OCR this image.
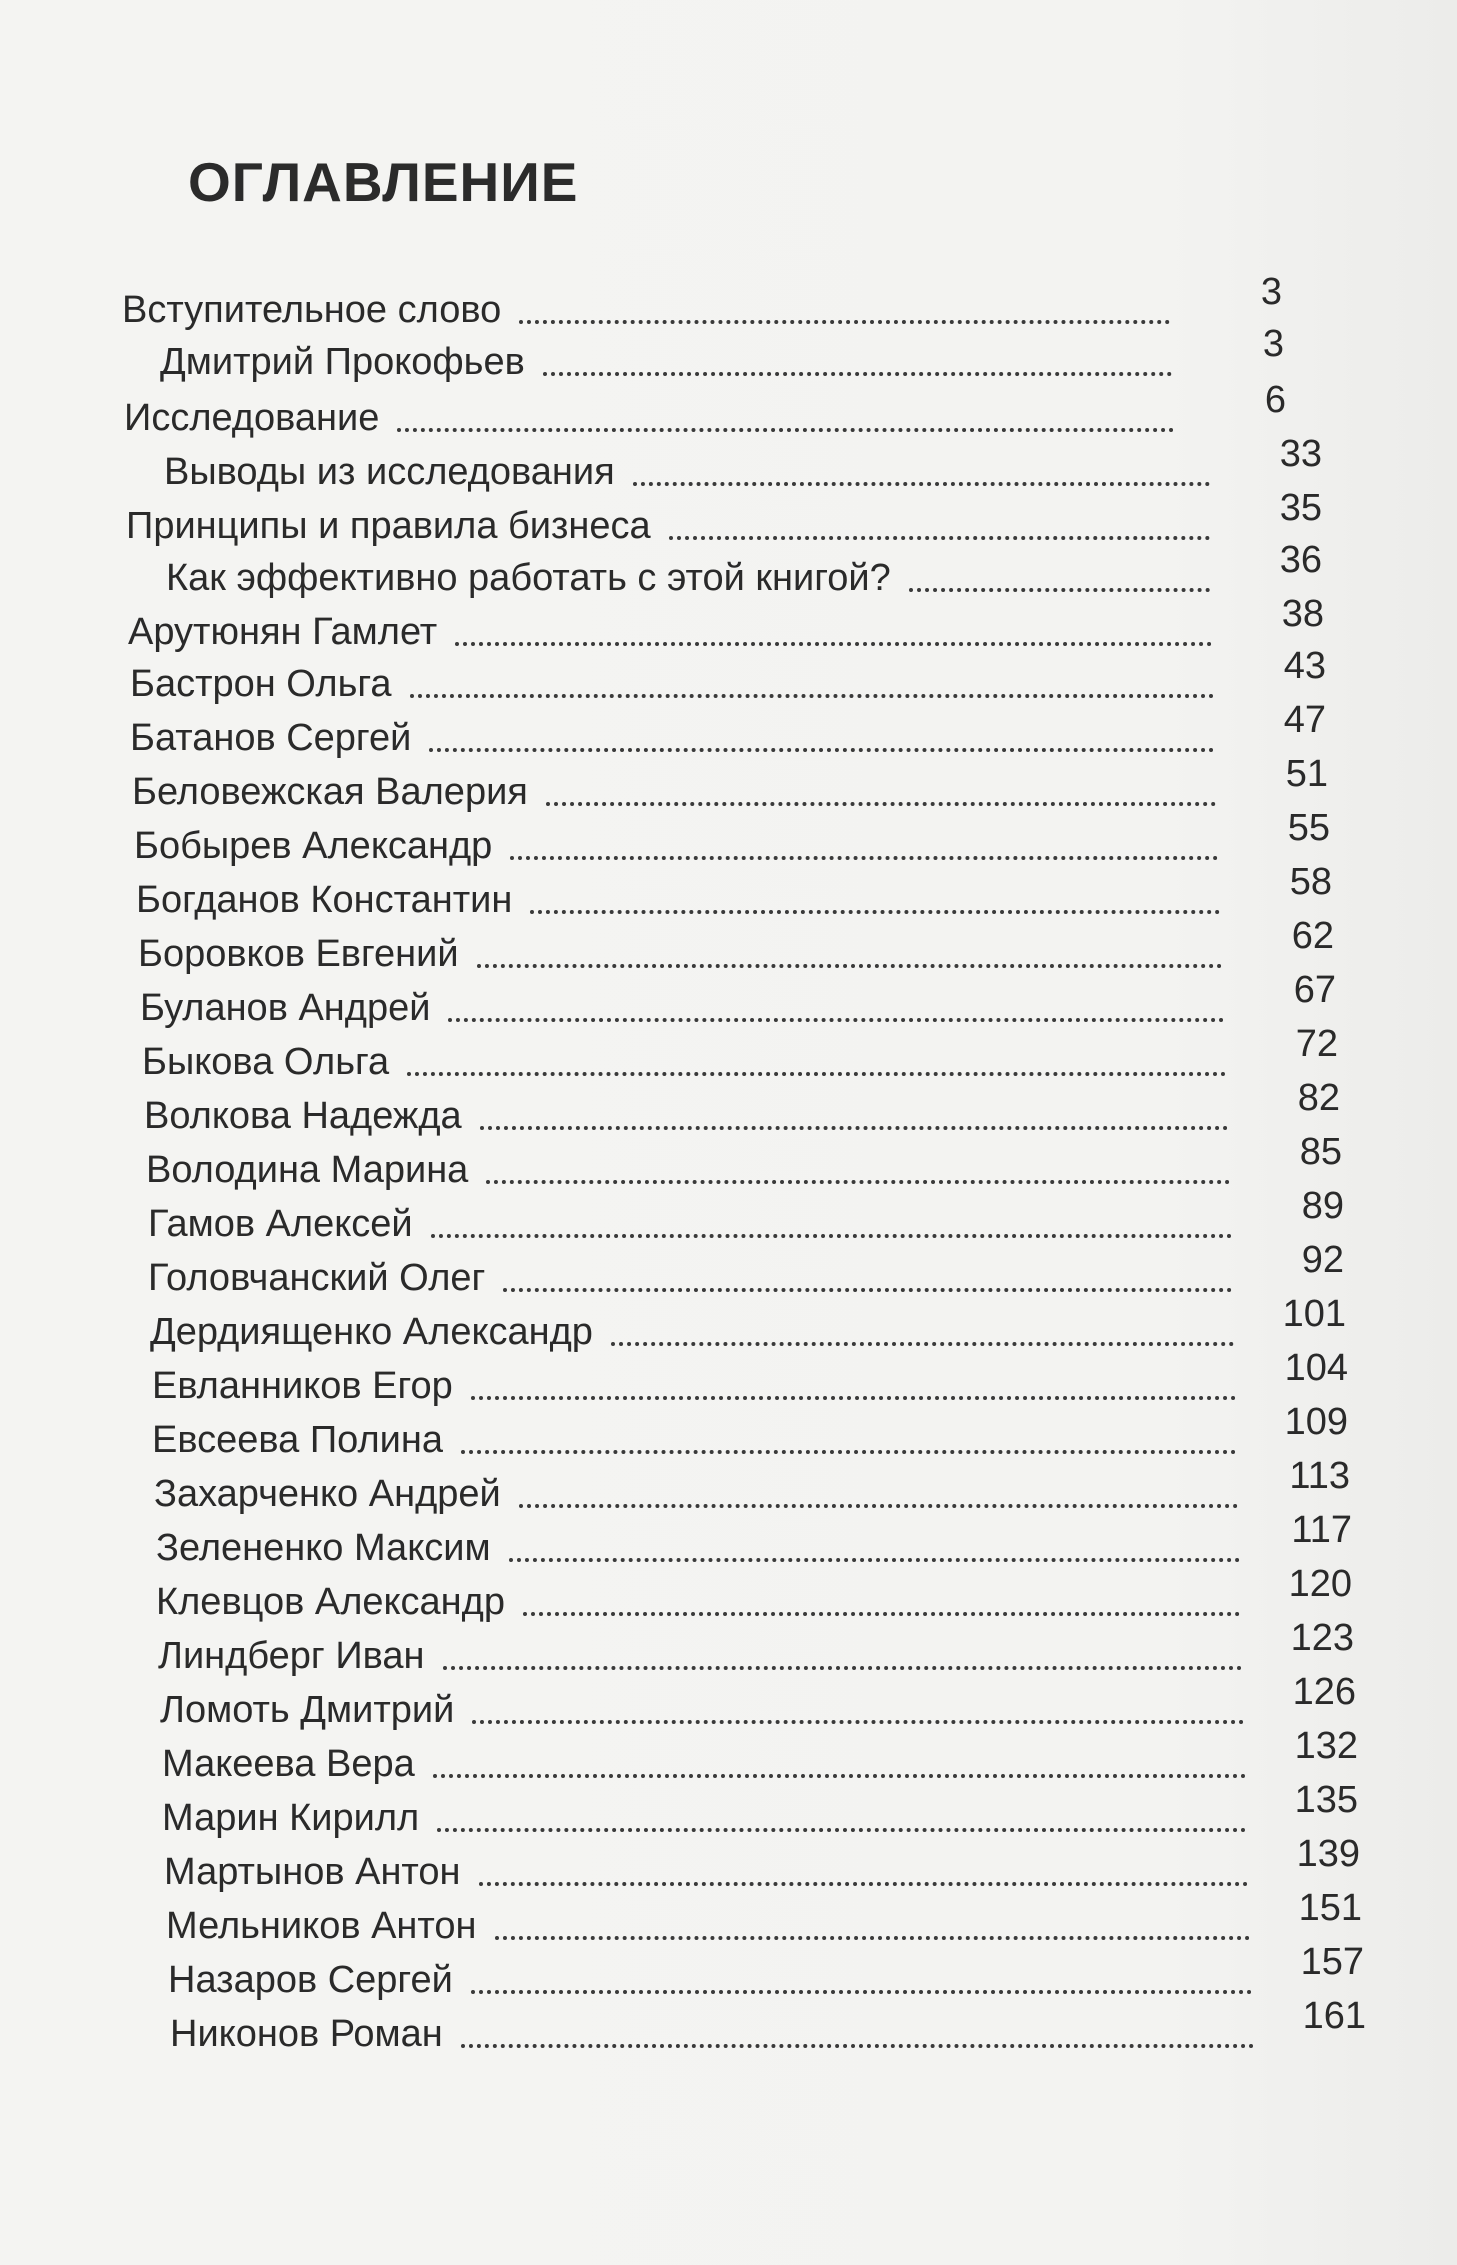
ОГЛАВЛЕНИЕ
Вступительное слово	3
Дмитрий Прокофьев	3
Исследование	6
Выводы из исследования	33
Принципы и правила бизнеса	35
Как эффективно работать с этой книгой?	36
Арутюнян Гамлет	38
Бастрон Ольга	43
Батанов Сергей	47
Беловежская Валерия	51
Бобырев Александр	55
Богданов Константин	58
Боровков Евгений	62
Буланов Андрей	67
Быкова Ольга	72
Волкова Надежда	82
Володина Марина	85
Гамов Алексей	89
Головчанский Олег	92
Дердиященко Александр	101
Евланников Егор	104
Евсеева Полина	109
Захарченко Андрей	113
Зелененко Максим	117
Клевцов Александр	120
Линдберг Иван	123
Ломоть Дмитрий	126
Макеева Вера	132
Марин Кирилл	135
Мартынов Антон	139
Мельников Антон	151
Назаров Сергей	157
Никонов Роман	161
